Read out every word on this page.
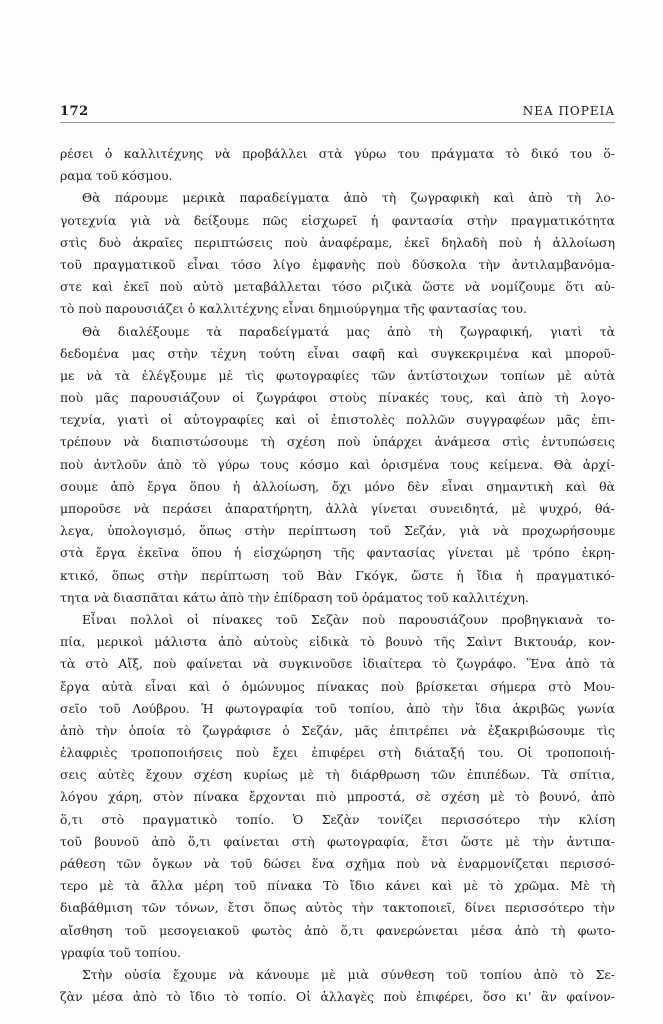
172	ΝΕΑ ΠΟΡΕΙΑ
ρέσει ὁ καλλιτέχνης νὰ προβάλλει στὰ γύρω του πράγματα τὸ δικό του ὅ-
ραμα τοῦ κόσμου.
Θὰ πάρουμε μερικὰ παραδείγματα ἀπὸ τὴ ζωγραφικὴ καὶ ἀπὸ τὴ λο-
γοτεχνία γιὰ νὰ δείξουμε πῶς εἰσχωρεῖ ἡ φαντασία στὴν πραγματικότητα
στὶς δυὸ ἀκραῖες περιπτώσεις ποὺ ἀναφέραμε, ἐκεῖ δηλαδὴ ποὺ ἡ ἀλλοίωση
τοῦ πραγματικοῦ εἶναι τόσο λίγο ἐμφανὴς ποὺ δύσκολα τὴν ἀντιλαμβανόμα-
στε καὶ ἐκεῖ ποὺ αὐτὸ μεταβάλλεται τόσο ριζικὰ ὥστε νὰ νομίζουμε ὅτι αὐ-
τὸ ποὺ παρουσιάζει ὁ καλλιτέχνης εἶναι δημιούργημα τῆς φαντασίας του.
Θὰ διαλέξουμε τὰ παραδείγματά μας ἀπὸ τὴ ζωγραφική, γιατὶ τὰ
δεδομένα μας στὴν τέχνη τούτη εἶναι σαφῆ καὶ συγκεκριμένα καὶ μποροῦ-
με νὰ τὰ ἐλέγξουμε μὲ τὶς φωτογραφίες τῶν ἀντίστοιχων τοπίων μὲ αὐτὰ
ποὺ μᾶς παρουσιάζουν οἱ ζωγράφοι στοὺς πίνακές τους, καὶ ἀπὸ τὴ λογο-
τεχνία, γιατὶ οἱ αὐτογραφίες καὶ οἱ ἐπιστολὲς πολλῶν συγγραφέων μᾶς ἐπι-
τρέπουν νὰ διαπιστώσουμε τὴ σχέση ποὺ ὑπάρχει ἀνάμεσα στὶς ἐντυπώσεις
ποὺ ἀντλοῦν ἀπὸ τὸ γύρω τους κόσμο καὶ ὁρισμένα τους κείμενα. Θὰ ἀρχί-
σουμε ἀπὸ ἔργα ὅπου ἡ ἀλλοίωση, ὄχι μόνο δὲν εἶναι σημαντικὴ καὶ θὰ
μποροῦσε νὰ περάσει ἀπαρατήρητη, ἀλλὰ γίνεται συνειδητά, μὲ ψυχρό, θά-
λεγα, ὑπολογισμό, ὅπως στὴν περίπτωση τοῦ Σεζάν, γιὰ νὰ προχωρήσουμε
στὰ ἔργα ἐκεῖνα ὅπου ἡ εἰσχώρηση τῆς φαντασίας γίνεται μὲ τρόπο ἐκρη-
κτικό, ὅπως στὴν περίπτωση τοῦ Βὰν Γκόγκ, ὥστε ἡ ἴδια ἡ πραγματικό-
τητα νὰ διασπᾶται κάτω ἀπὸ τὴν ἐπίδραση τοῦ ὁράματος τοῦ καλλιτέχνη.
Εἶναι πολλοὶ οἱ πίνακες τοῦ Σεζὰν ποὺ παρουσιάζουν προβηγκιανὰ το-
πία, μερικοὶ μάλιστα ἀπὸ αὐτοὺς εἰδικὰ τὸ βουνὸ τῆς Σαὶντ Βικτουάρ, κον-
τὰ στὸ Αἴξ, ποὺ φαίνεται νὰ συγκινοῦσε ἰδιαίτερα τὸ ζωγράφο. Ἕνα ἀπὸ τὰ
ἔργα αὐτὰ εἶναι καὶ ὁ ὁμώνυμος πίνακας ποὺ βρίσκεται σήμερα στὸ Μου-
σεῖο τοῦ Λούβρου. Ἡ φωτογραφία τοῦ τοπίου, ἀπὸ τὴν ἴδια ἀκριβῶς γωνία
ἀπὸ τὴν ὁποία τὸ ζωγράφισε ὁ Σεζάν, μᾶς ἐπιτρέπει νὰ ἐξακριβώσουμε τὶς
ἐλαφριὲς τροποποιήσεις ποὺ ἔχει ἐπιφέρει στὴ διάταξή του. Οἱ τροποποιή-
σεις αὐτὲς ἔχουν σχέση κυρίως μὲ τὴ διάρθρωση τῶν ἐπιπέδων. Τὰ σπίτια,
λόγου χάρη, στὸν πίνακα ἔρχονται πιὸ μπροστά, σὲ σχέση μὲ τὸ βουνό, ἀπὸ
ὅ,τι στὸ πραγματικὸ τοπίο. Ὁ Σεζὰν τονίζει περισσότερο τὴν κλίση
τοῦ βουνοῦ ἀπὸ ὅ,τι φαίνεται στὴ φωτογραφία, ἔτσι ὥστε μὲ τὴν ἀντιπα-
ράθεση τῶν ὄγκων νὰ τοῦ δώσει ἕνα σχῆμα ποὺ νὰ ἐναρμονίζεται περισσό-
τερο μὲ τὰ ἄλλα μέρη τοῦ πίνακα Τὸ ἴδιο κάνει καὶ μὲ τὸ χρῶμα. Μὲ τὴ
διαβάθμιση τῶν τόνων, ἔτσι ὅπως αὐτὸς τὴν τακτοποιεῖ, δίνει περισσότερο τὴν
αἴσθηση τοῦ μεσογειακοῦ φωτὸς ἀπὸ ὅ,τι φανερώνεται μέσα ἀπὸ τὴ φωτο-
γραφία τοῦ τοπίου.
Στὴν οὐσία ἔχουμε νὰ κάνουμε μὲ μιὰ σύνθεση τοῦ τοπίου ἀπὸ τὸ Σε-
ζὰν μέσα ἀπὸ τὸ ἴδιο τὸ τοπίο. Οἱ ἀλλαγὲς ποὺ ἐπιφέρει, ὅσο κι' ἂν φαίνον-
